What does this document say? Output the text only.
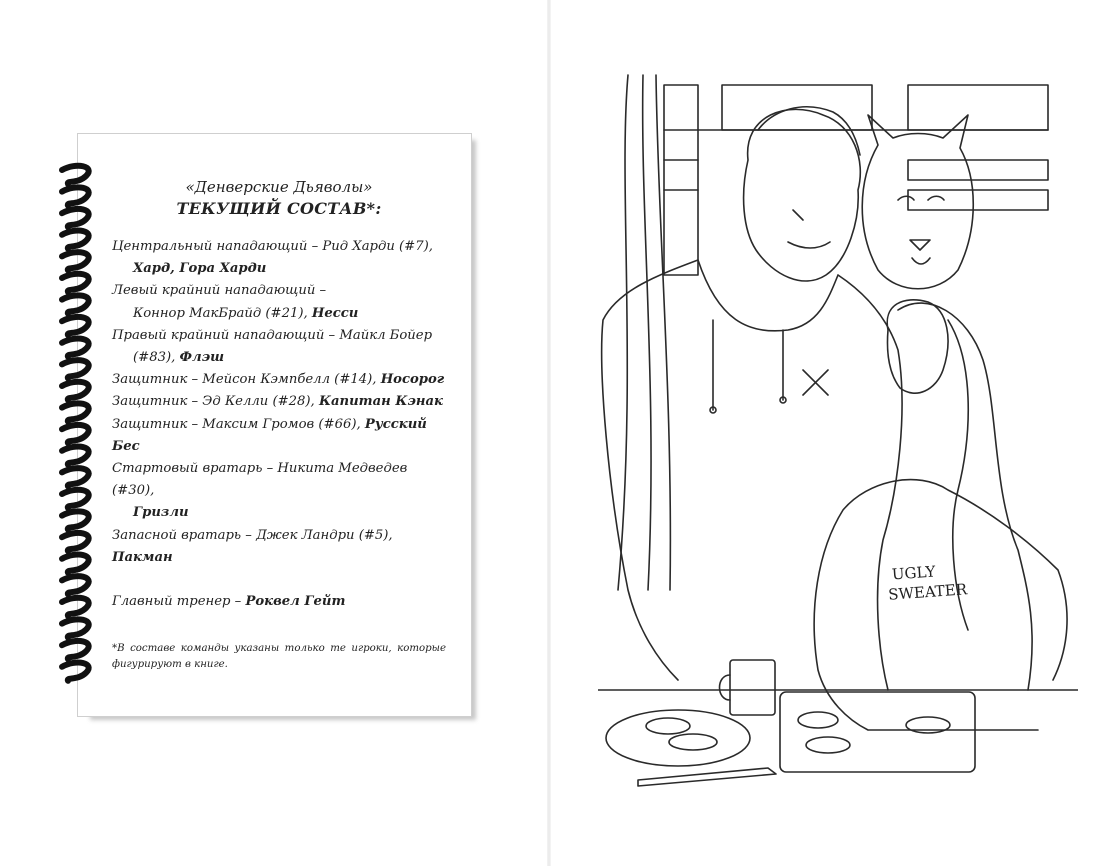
«Денверские Дьяволы»
ТЕКУЩИЙ СОСТАВ*:
Центральный нападающий – Рид Харди (#7),
Хард, Гора Харди
Левый крайний нападающий –
Коннор МакБрайд (#21), Несси
Правый крайний нападающий – Майкл Бойер
(#83), Флэш
Защитник – Мейсон Кэмпбелл (#14), Носорог
Защитник – Эд Келли (#28), Капитан Кэнак
Защитник – Максим Громов (#66), Русский Бес
Стартовый вратарь – Никита Медведев (#30),
Гризли
Запасной вратарь – Джек Ландри (#5), Пакман
Главный тренер – Роквел Гейт
*В составе команды указаны только те игроки, которые фигурируют в книге.
UGLY
SWEATER
